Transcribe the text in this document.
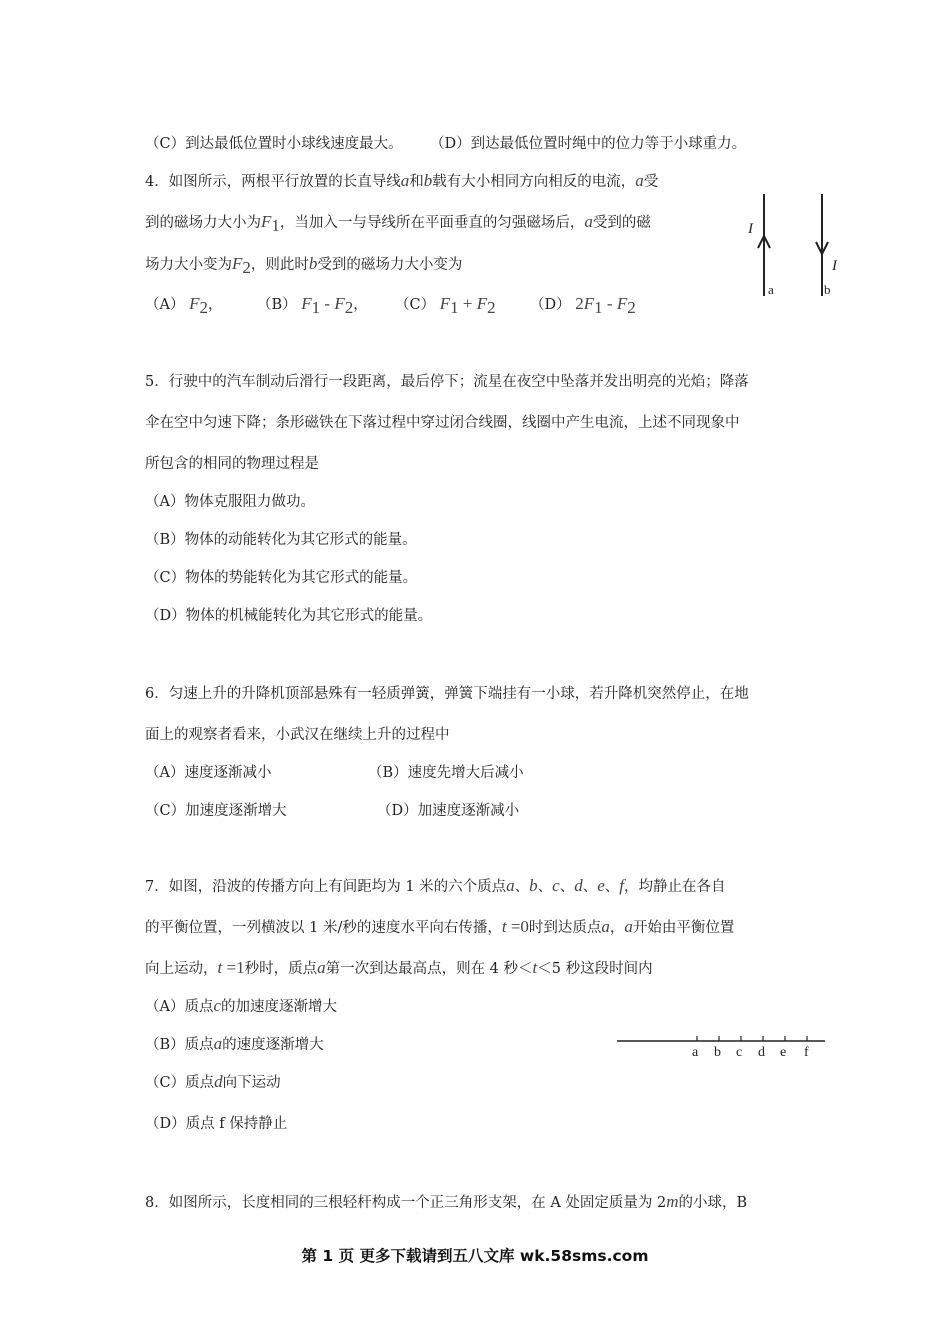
（C）到达最低位置时小球线速度最大。 （D）到达最低位置时绳中的位力等于小球重力。
4．如图所示，两根平行放置的长直导线a和b载有大小相同方向相反的电流，a受
到的磁场力大小为$F_1$，当加入一与导线所在平面垂直的匀强磁场后，a受到的磁
场力大小变为$F_2$，则此时b受到的磁场力大小变为
（A） $F_2$， （B） $F_1 - F_2$， （C） $F_1 + F_2$ （D） $2F_1 - F_2$
I
I
a	b
5．行驶中的汽车制动后滑行一段距离，最后停下；流星在夜空中坠落并发出明亮的光焰；降落
伞在空中匀速下降；条形磁铁在下落过程中穿过闭合线圈，线圈中产生电流，上述不同现象中
所包含的相同的物理过程是
（A）物体克服阻力做功。
（B）物体的动能转化为其它形式的能量。
（C）物体的势能转化为其它形式的能量。
（D）物体的机械能转化为其它形式的能量。
6．匀速上升的升降机顶部悬殊有一轻质弹簧，弹簧下端挂有一小球，若升降机突然停止，在地
面上的观察者看来，小武汉在继续上升的过程中
（A）速度逐渐减小	（B）速度先增大后减小
（C）加速度逐渐增大	（D）加速度逐渐减小
7．如图，沿波的传播方向上有间距均为 1 米的六个质点a、b、c、d、e、f，均静止在各自
的平衡位置，一列横波以 1 米/秒的速度水平向右传播，t =0时到达质点a，a开始由平衡位置
向上运动，t =1秒时，质点a第一次到达最高点，则在 4 秒＜t＜5 秒这段时间内
（A）质点c的加速度逐渐增大
（B）质点a的速度逐渐增大
（C）质点d向下运动
（D）质点 f 保持静止
a b c d e f
8．如图所示，长度相同的三根轻杆构成一个正三角形支架，在 A 处固定质量为 2m的小球，B
第 1 页 更多下载请到五八文库 wk.58sms.com
